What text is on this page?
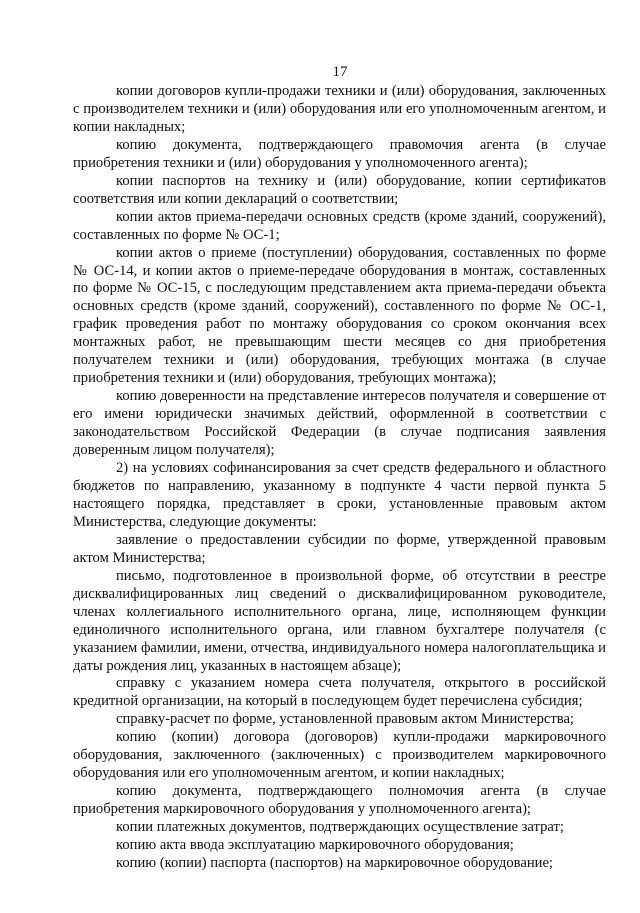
17

копии договоров купли-продажи техники и (или) оборудования, заключенных с производителем техники и (или) оборудования или его уполномоченным агентом, и копии накладных;

копию документа, подтверждающего правомочия агента (в случае приобретения техники и (или) оборудования у уполномоченного агента);

копии паспортов на технику и (или) оборудование, копии сертификатов соответствия или копии деклараций о соответствии;

копии актов приема-передачи основных средств (кроме зданий, сооружений), составленных по форме № ОС-1;

копии актов о приеме (поступлении) оборудования, составленных по форме № ОС-14, и копии актов о приеме-передаче оборудования в монтаж, составленных по форме № ОС-15, с последующим представлением акта приема-передачи объекта основных средств (кроме зданий, сооружений), составленного по форме № ОС-1, график проведения работ по монтажу оборудования со сроком окончания всех монтажных работ, не превышающим шести месяцев со дня приобретения получателем техники и (или) оборудования, требующих монтажа (в случае приобретения техники и (или) оборудования, требующих монтажа);

копию доверенности на представление интересов получателя и совершение от его имени юридически значимых действий, оформленной в соответствии с законодательством Российской Федерации (в случае подписания заявления доверенным лицом получателя);

2) на условиях софинансирования за счет средств федерального и областного бюджетов по направлению, указанному в подпункте 4 части первой пункта 5 настоящего порядка, представляет в сроки, установленные правовым актом Министерства, следующие документы:

заявление о предоставлении субсидии по форме, утвержденной правовым актом Министерства;

письмо, подготовленное в произвольной форме, об отсутствии в реестре дисквалифицированных лиц сведений о дисквалифицированном руководителе, членах коллегиального исполнительного органа, лице, исполняющем функции единоличного исполнительного органа, или главном бухгалтере получателя (с указанием фамилии, имени, отчества, индивидуального номера налогоплательщика и даты рождения лиц, указанных в настоящем абзаце);

справку с указанием номера счета получателя, открытого в российской кредитной организации, на который в последующем будет перечислена субсидия;

справку-расчет по форме, установленной правовым актом Министерства;

копию (копии) договора (договоров) купли-продажи маркировочного оборудования, заключенного (заключенных) с производителем маркировочного оборудования или его уполномоченным агентом, и копии накладных;

копию документа, подтверждающего полномочия агента (в случае приобретения маркировочного оборудования у уполномоченного агента);

копии платежных документов, подтверждающих осуществление затрат;

копию акта ввода эксплуатацию маркировочного оборудования;

копию (копии) паспорта (паспортов) на маркировочное оборудование;
